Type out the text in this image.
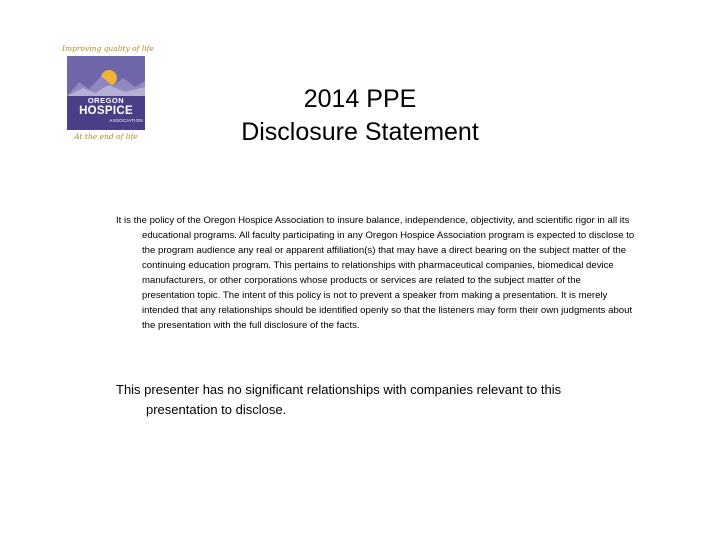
Improving quality of life
OREGON
HOSPICE
ASSOCIATION
At the end of life
2014 PPE
Disclosure Statement

It is the policy of the Oregon Hospice Association to insure balance, independence, objectivity, and scientific rigor in all its educational programs. All faculty participating in any Oregon Hospice Association program is expected to disclose to the program audience any real or apparent affiliation(s) that may have a direct bearing on the subject matter of the continuing education program. This pertains to relationships with pharmaceutical companies, biomedical device manufacturers, or other corporations whose products or services are related to the subject matter of the presentation topic. The intent of this policy is not to prevent a speaker from making a presentation. It is merely intended that any relationships should be identified openly so that the listeners may form their own judgments about the presentation with the full disclosure of the facts.

This presenter has no significant relationships with companies relevant to this presentation to disclose.
